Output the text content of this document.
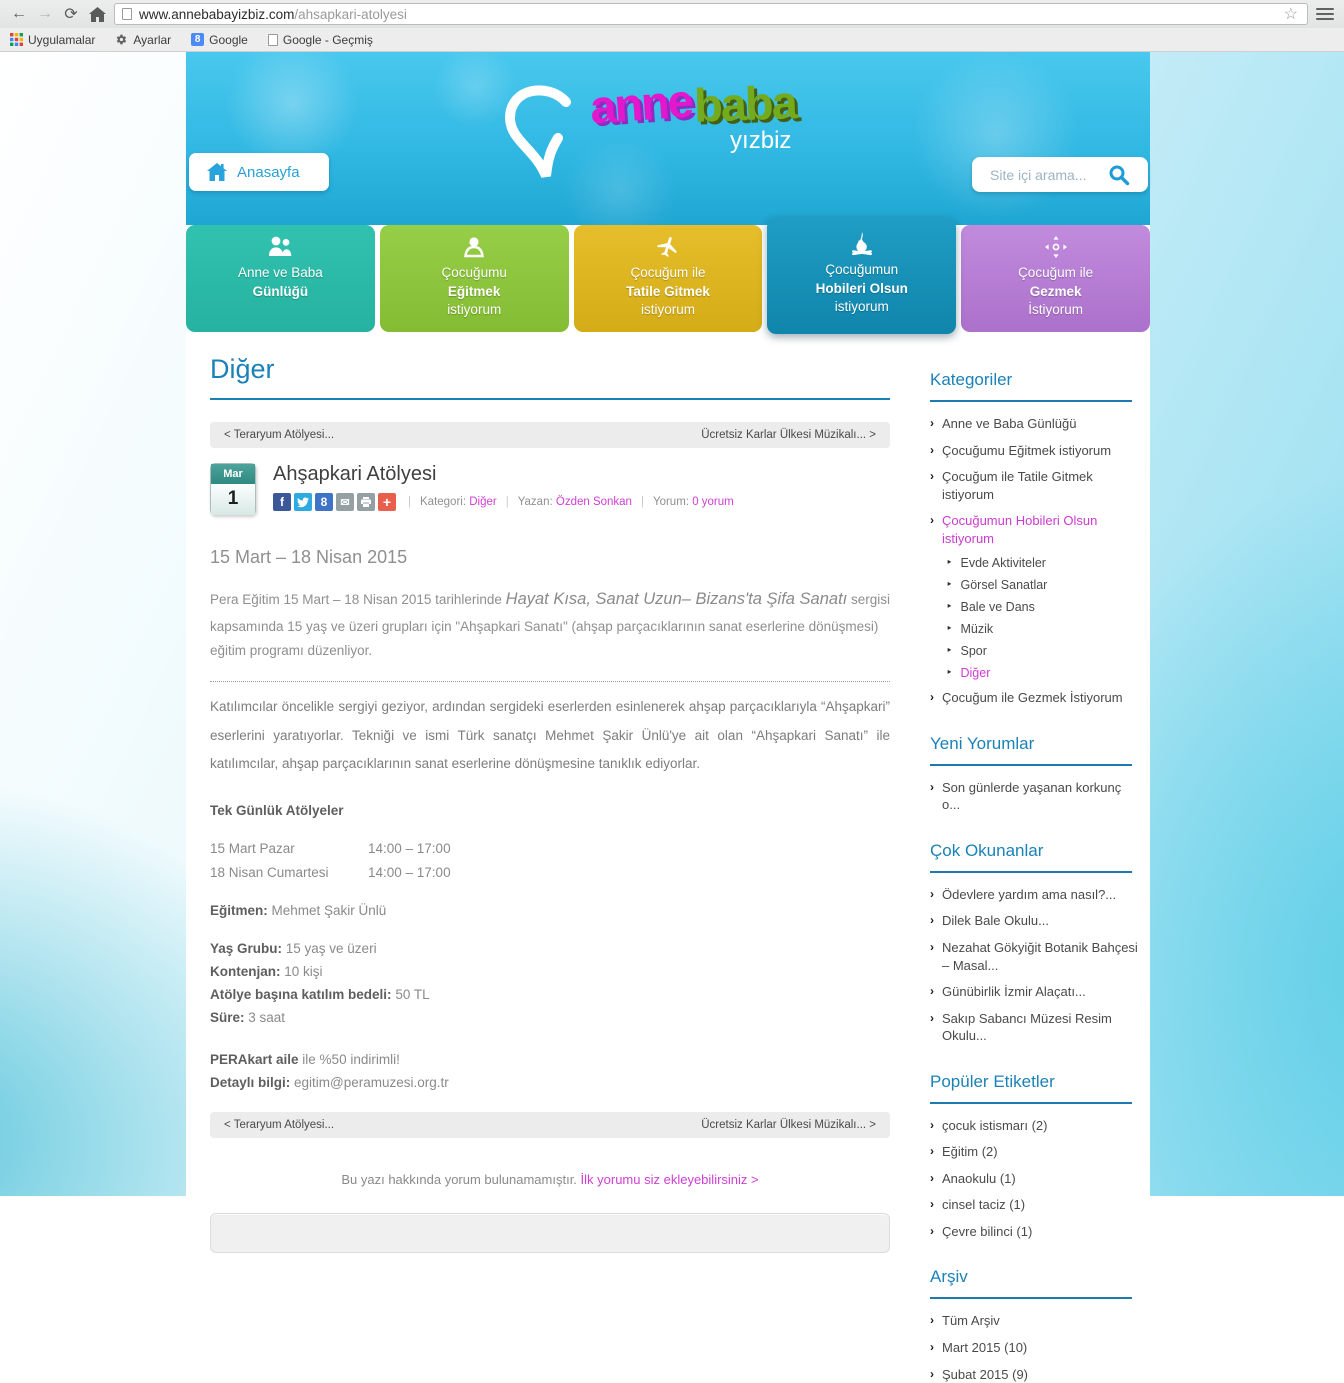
← → ⟳	www.annebabayizbiz.com/ahsapkari-atolyesi	☆
Uygulamalar	Ayarlar	8 Google	Google - Geçmiş
Anasayfa
annebaba
yızbiz
Site içi arama...
Anne ve Baba
Günlüğü
Çocuğumu
Eğitmek
istiyorum
Çocuğum ile
Tatile Gitmek
istiyorum
Çocuğumun
Hobileri Olsun
istiyorum
Çocuğum ile
Gezmek
İstiyorum
Diğer
< Teraryum Atölyesi...	Ücretsiz Karlar Ülkesi Müzikalı... >
Mar
1
Ahşapkari Atölyesi
f	8	✉	+	| Kategori:
Diğer | Yazan:
Özden Sonkan | Yorum:
0 yorum
15 Mart – 18 Nisan 2015

Pera Eğitim 15 Mart – 18 Nisan 2015 tarihlerinde Hayat Kısa, Sanat Uzun– Bizans'ta Şifa Sanatı sergisi kapsamında 15 yaş ve üzeri grupları için "Ahşapkari Sanatı" (ahşap parçacıklarının sanat eserlerine dönüşmesi) eğitim programı düzenliyor.

Katılımcılar öncelikle sergiyi geziyor, ardından sergideki eserlerden esinlenerek ahşap parçacıklarıyla “Ahşapkari” eserlerini yaratıyorlar. Tekniği ve ismi Türk sanatçı Mehmet Şakir Ünlü'ye ait olan “Ahşapkari Sanatı” ile katılımcılar, ahşap parçacıklarının sanat eserlerine dönüşmesine tanıklık ediyorlar.

Tek Günlük Atölyeler
15 Mart Pazar	14:00 – 17:00
18 Nisan Cumartesi	14:00 – 17:00
Eğitmen: Mehmet Şakir Ünlü
Yaş Grubu: 15 yaş ve üzeri
Kontenjan: 10 kişi
Atölye başına katılım bedeli: 50 TL
Süre: 3 saat
PERAkart aile ile %50 indirimli!
Detaylı bilgi: egitim@peramuzesi.org.tr
< Teraryum Atölyesi...	Ücretsiz Karlar Ülkesi Müzikalı... >
Bu yazı hakkında yorum bulunamamıştır. İlk yorumu siz ekleyebilirsiniz >
Kategoriler
› Anne ve Baba Günlüğü
› Çocuğumu Eğitmek istiyorum
› Çocuğum ile Tatile Gitmek istiyorum
› Çocuğumun Hobileri Olsun istiyorum
‣ Evde Aktiviteler
‣ Görsel Sanatlar
‣ Bale ve Dans
‣ Müzik
‣ Spor
‣ Diğer
› Çocuğum ile Gezmek İstiyorum
Yeni Yorumlar
› Son günlerde yaşanan korkunç o...
Çok Okunanlar
› Ödevlere yardım ama nasıl?...
› Dilek Bale Okulu...
› Nezahat Gökyiğit Botanik Bahçesi – Masal...
› Günübirlik İzmir Alaçatı...
› Sakıp Sabancı Müzesi Resim Okulu...
Popüler Etiketler
› çocuk istismarı (2)
› Eğitim (2)
› Anaokulu (1)
› cinsel taciz (1)
› Çevre bilinci (1)
Arşiv
› Tüm Arşiv
› Mart 2015 (10)
› Şubat 2015 (9)
